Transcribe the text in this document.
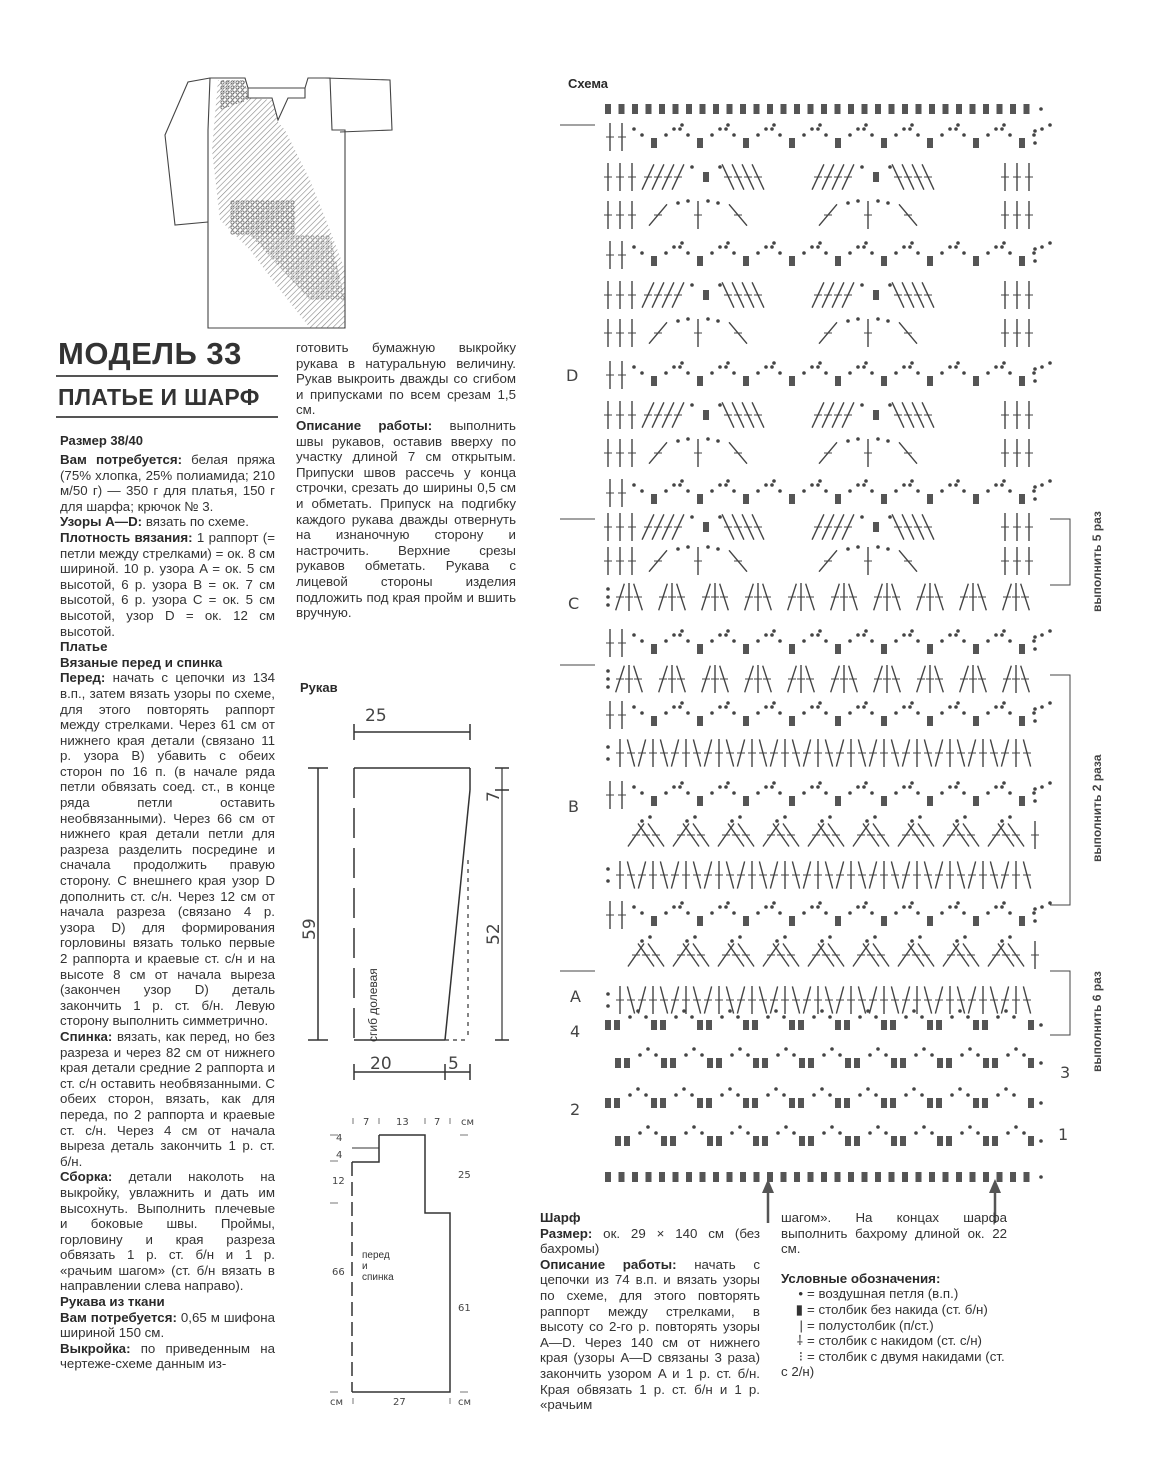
МОДЕЛЬ 33
ПЛАТЬЕ И ШАРФ
Размер 38/40

Вам потребуется: белая пряжа (75% хлопка, 25% полиамида; 210 м/50 г) — 350 г для платья, 150 г для шарфа; крючок № 3.

Узоры A—D: вязать по схеме.

Плотность вязания: 1 раппорт (= петли между стрелками) = ок. 8 см шириной. 10 р. узора A = ок. 5 см высотой, 6 р. узора B = ок. 7 см высотой, 6 р. узора C = ок. 5 см высотой, узор D = ок. 12 см высотой.

Платье

Вязаные перед и спинка

Перед: начать с цепочки из 134 в.п., затем вязать узоры по схеме, для этого повторять раппорт между стрелками. Через 61 см от нижнего края детали (связано 11 р. узора B) убавить с обеих сторон по 16 п. (в начале ряда петли обвязать соед. ст., в конце ряда петли оставить необвязанными). Через 66 см от нижнего края детали петли для разреза разделить посредине и сначала продолжить правую сторону. С внешнего края узор D дополнить ст. с/н. Через 12 см от начала разреза (связано 4 р. узора D) для формирования горловины вязать только первые 2 раппорта и краевые ст. с/н и на высоте 8 см от начала выреза (закончен узор D) деталь закончить 1 р. ст. б/н. Левую сторону выполнить симметрично.

Спинка: вязать, как перед, но без разреза и через 82 см от нижнего края детали средние 2 раппорта и ст. с/н оставить необвязанными. С обеих сторон, вязать, как для переда, по 2 раппорта и краевые ст. с/н. Через 4 см от начала выреза деталь закончить 1 р. ст. б/н.

Сборка: детали наколоть на выкройку, увлажнить и дать им высохнуть. Выполнить плечевые и боковые швы. Проймы, горловину и края разреза обвязать 1 р. ст. б/н и 1 р. «рачьим шагом» (ст. б/н вязать в направлении слева направо).

Рукава из ткани

Вам потребуется: 0,65 м шифона шириной 150 см.

Выкройка: по приведенным на чертеже-схеме данным из-

готовить бумажную выкройку рукава в натуральную величину. Рукав выкроить дважды со сгибом и припусками по всем срезам 1,5 см.

Описание работы: выполнить швы рукавов, оставив вверху по участку длиной 7 см открытым. Припуски швов рассечь у конца строчки, срезать до ширины 0,5 см и обметать. Припуск на подгибку каждого рукава дважды отвернуть на изнаночную сторону и настрочить. Верхние срезы рукавов обметать. Рукава с лицевой стороны изделия подложить под края пройм и вшить вручную.

Рукав
25
59
7
52
сгиб долевая
20	5
7	13	7 см
4
4
12
66
25
61
27
см	см
перед
и
спинка
Схема
D
C
B
A
4
2
3
1
выполнить 5 раз
выполнить 2 раза
выполнить 6 раз

Шарф

Размер: ок. 29 × 140 см (без бахромы)

Описание работы: начать с цепочки из 74 в.п. и вязать узоры по схеме, для этого повторять раппорт между стрелками, в высоту со 2-го р. повторять узоры A—D. Через 140 см от нижнего края (узоры A—D связаны 3 раза) закончить узором A и 1 р. ст. б/н. Края обвязать 1 р. ст. б/н и 1 р. «рачьим

шагом». На концах шарфа выполнить бахрому длиной ок. 22 см.

Условные обозначения:

• = воздушная петля (в.п.)
▮ = столбик без накида (ст. б/н)
| = полустолбик (п/ст.)
⸸ = столбик с накидом (ст. с/н)
⁝ = столбик с двумя накидами (ст. с 2/н)
